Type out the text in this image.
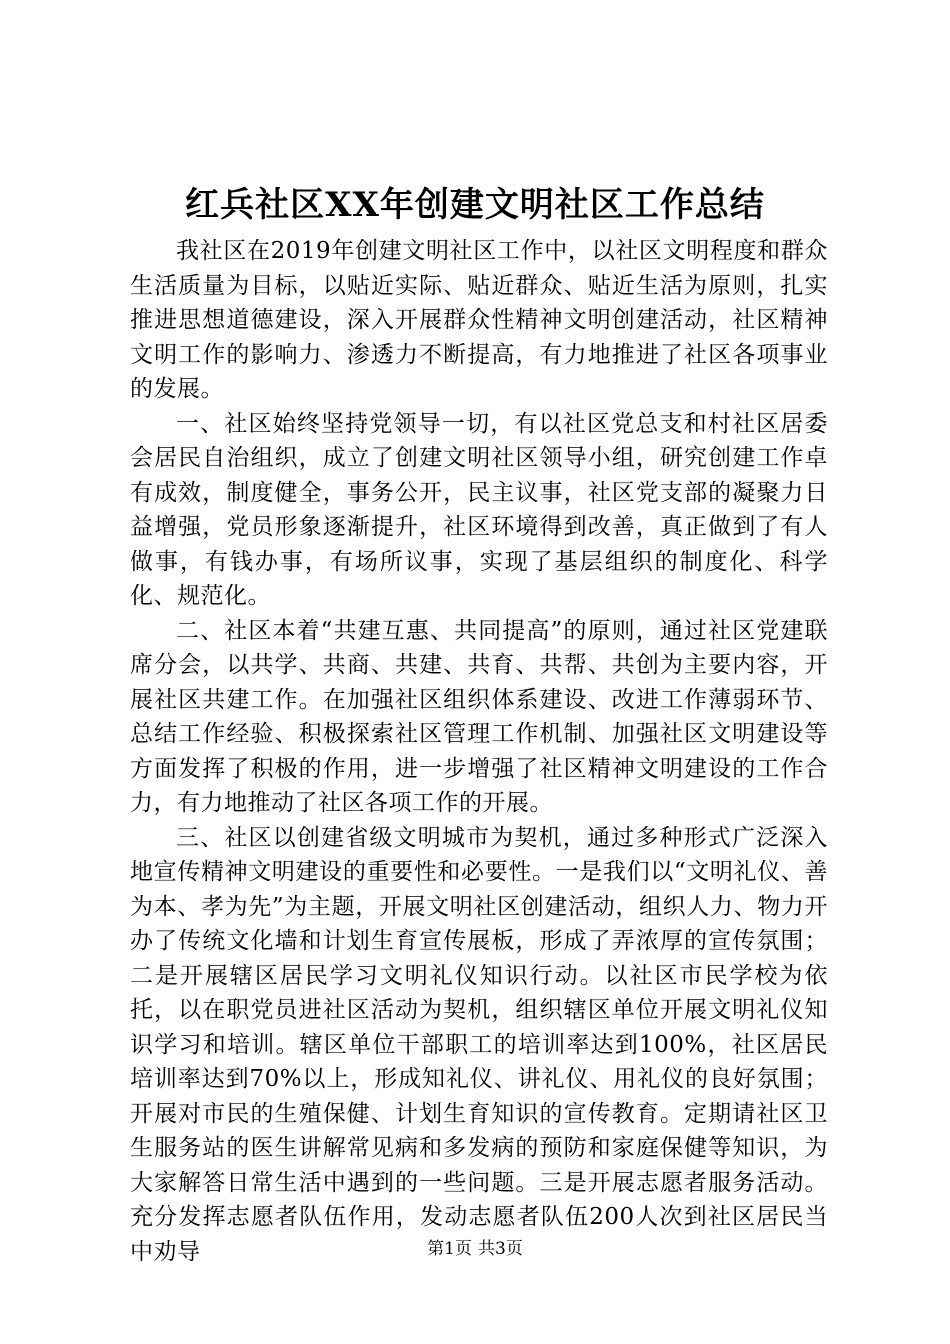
红兵社区XX年创建文明社区工作总结

我社区在2019年创建文明社区工作中，以社区文明程度和群众生活质量为目标，以贴近实际、贴近群众、贴近生活为原则，扎实推进思想道德建设，深入开展群众性精神文明创建活动，社区精神文明工作的影响力、渗透力不断提高，有力地推进了社区各项事业的发展。

一、社区始终坚持党领导一切，有以社区党总支和村社区居委会居民自治组织，成立了创建文明社区领导小组，研究创建工作卓有成效，制度健全，事务公开，民主议事，社区党支部的凝聚力日益增强，党员形象逐渐提升，社区环境得到改善，真正做到了有人做事，有钱办事，有场所议事，实现了基层组织的制度化、科学化、规范化。

二、社区本着“共建互惠、共同提高”的原则，通过社区党建联席分会，以共学、共商、共建、共育、共帮、共创为主要内容，开展社区共建工作。在加强社区组织体系建设、改进工作薄弱环节、总结工作经验、积极探索社区管理工作机制、加强社区文明建设等方面发挥了积极的作用，进一步增强了社区精神文明建设的工作合力，有力地推动了社区各项工作的开展。

三、社区以创建省级文明城市为契机，通过多种形式广泛深入地宣传精神文明建设的重要性和必要性。一是我们以“文明礼仪、善为本、孝为先”为主题，开展文明社区创建活动，组织人力、物力开办了传统文化墙和计划生育宣传展板，形成了弄浓厚的宣传氛围；二是开展辖区居民学习文明礼仪知识行动。以社区市民学校为依托，以在职党员进社区活动为契机，组织辖区单位开展文明礼仪知识学习和培训。辖区单位干部职工的培训率达到100%，社区居民培训率达到70%以上，形成知礼仪、讲礼仪、用礼仪的良好氛围；开展对市民的生殖保健、计划生育知识的宣传教育。定期请社区卫生服务站的医生讲解常见病和多发病的预防和家庭保健等知识，为大家解答日常生活中遇到的一些问题。三是开展志愿者服务活动。充分发挥志愿者队伍作用，发动志愿者队伍200人次到社区居民当中劝导	第1页 共3页
